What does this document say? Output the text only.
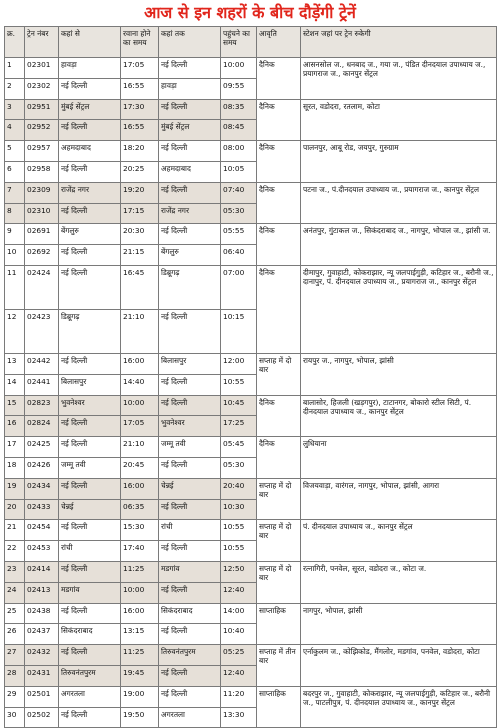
आज से इन शहरों के बीच दौड़ेंगी ट्रेनें
क्र.	ट्रेन नंबर	कहां से	रवाना होने का समय	कहां तक	पहुंचने का समय	आवृति	स्टेशन जहां पर ट्रेन रुकेगी
1	02301	हावड़ा	17:05	नई दिल्ली	10:00	दैनिक	आसनसोल ज., धनबाद ज., गया ज., पंडित दीनदयाल उपाध्याय ज., प्रयागराज ज., कानपुर सेंट्रल
2	02302	नई दिल्ली	16:55	हावड़ा	09:55		
3	02951	मुंबई सेंट्रल	17:30	नई दिल्ली	08:35	दैनिक	सूरत, वडोदरा, रतलाम, कोटा
4	02952	नई दिल्ली	16:55	मुंबई सेंट्रल	08:45		
5	02957	अहमदाबाद	18:20	नई दिल्ली	08:00	दैनिक	पालनपुर, आबू रोड, जयपुर, गुरुग्राम
6	02958	नई दिल्ली	20:25	अहमदाबाद	10:05		
7	02309	राजेंद्र नगर	19:20	नई दिल्ली	07:40	दैनिक	पटना ज., पं.दीनदयाल उपाध्याय ज., प्रयागराज ज., कानपुर सेंट्रल
8	02310	नई दिल्ली	17:15	राजेंद्र नगर	05:30		
9	02691	बेंगलुरु	20:30	नई दिल्ली	05:55	दैनिक	अनंतपुर, गुंटाकल ज., सिकंदराबाद ज., नागपुर, भोपाल ज., झांसी ज.
10	02692	नई दिल्ली	21:15	बेंगलुरु	06:40		
11	02424	नई दिल्ली	16:45	डिब्रूगढ़	07:00	दैनिक	दीमापुर, गुवाहाटी, कोकराझार, न्यू जलपाईगुड़ी, कटिहार ज., बरौनी ज., दानापुर, पं. दीनदयाल उपाध्याय ज., प्रयागराज ज., कानपुर सेंट्रल
12	02423	डिब्रूगढ़	21:10	नई दिल्ली	10:15		
13	02442	नई दिल्ली	16:00	बिलासपुर	12:00	सप्ताह में दो बार	रायपुर ज., नागपुर, भोपाल, झांसी
14	02441	बिलासपुर	14:40	नई दिल्ली	10:55		
15	02823	भुवनेश्वर	10:00	नई दिल्ली	10:45	दैनिक	बालासोर, हिजली (खड़गपुर), टाटानगर, बोकारो स्टील सिटी, पं. दीनदयाल उपाध्याय ज., कानपुर सेंट्रल
16	02824	नई दिल्ली	17:05	भुवनेश्वर	17:25		
17	02425	नई दिल्ली	21:10	जम्मू तवी	05:45	दैनिक	लुधियाना
18	02426	जम्मू तवी	20:45	नई दिल्ली	05:30		
19	02434	नई दिल्ली	16:00	चेन्नई	20:40	सप्ताह में दो बार	विजयवाड़ा, वारंगल, नागपुर, भोपाल, झांसी, आगरा
20	02433	चेन्नई	06:35	नई दिल्ली	10:30		
21	02454	नई दिल्ली	15:30	रांची	10:55	सप्ताह में दो बार	पं. दीनदयाल उपाध्याय ज., कानपुर सेंट्रल
22	02453	रांची	17:40	नई दिल्ली	10:55		
23	02414	नई दिल्ली	11:25	मडगांव	12:50	सप्ताह में दो बार	रत्नागिरी, पनवेल, सूरत, वडोदरा ज., कोटा ज.
24	02413	मडगांव	10:00	नई दिल्ली	12:40		
25	02438	नई दिल्ली	16:00	सिकंदराबाद	14:00	साप्ताहिक	नागपुर, भोपाल, झांसी
26	02437	सिकंदराबाद	13:15	नई दिल्ली	10:40		
27	02432	नई दिल्ली	11:25	तिरुवनंतपुरम	05:25	सप्ताह में तीन बार	एर्नाकुलम ज., कोझिकोड, मैंगलोर, मडगांव, पनवेल, वडोदरा, कोटा
28	02431	तिरुवनंतपुरम	19:45	नई दिल्ली	12:40		
29	02501	अगरतला	19:00	नई दिल्ली	11:20	साप्ताहिक	बदरपुर ज., गुवाहाटी, कोकराझार, न्यू जलपाईगुड़ी, कटिहार ज., बरौनी ज., पाटलीपुत्र, पं. दीनदयाल उपाध्याय ज., कानपुर सेंट्रल
30	02502	नई दिल्ली	19:50	अगरतला	13:30		
